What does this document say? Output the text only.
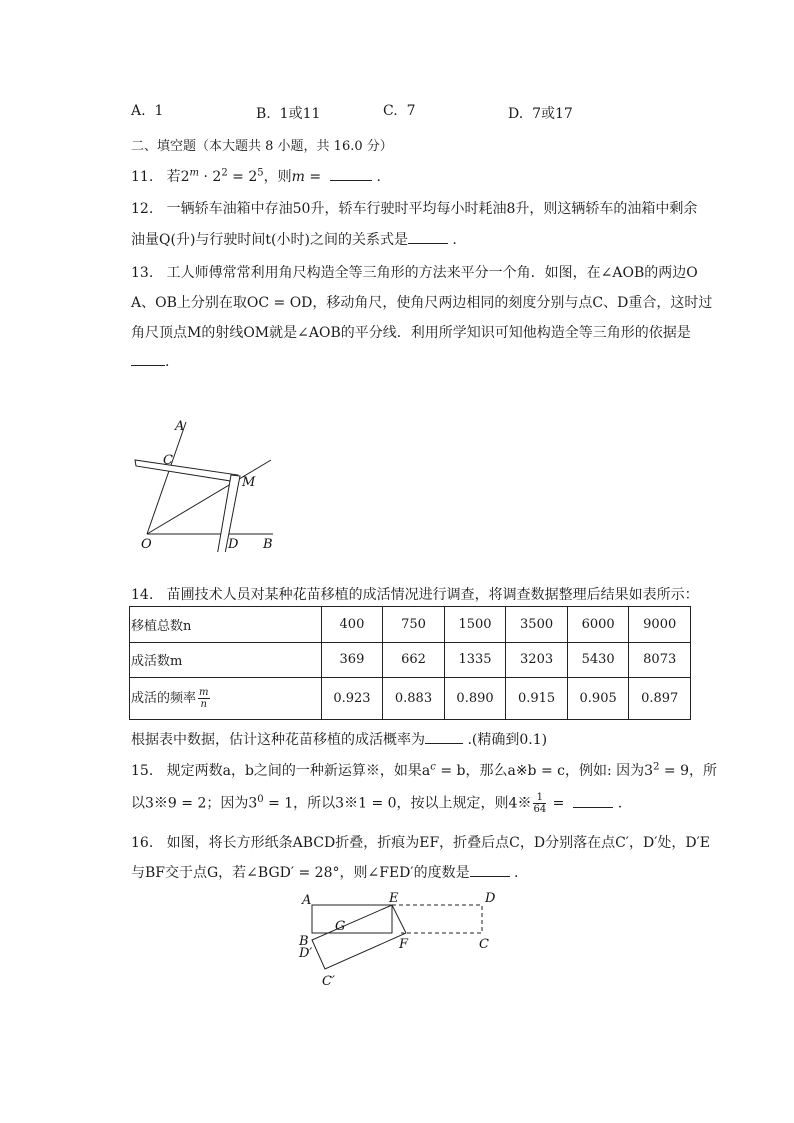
A. 1	B. 1或11	C. 7	D. 7或17
二、填空题（本大题共 8 小题，共 16.0 分）
11. 若$2^m \cdot 2^2 = 2^5$，则m =	.
12. 一辆轿车油箱中存油50升，轿车行驶时平均每小时耗油8升，则这辆轿车的油箱中剩余
油量Q(升)与行驶时间t(小时)之间的关系式是	.
13. 工人师傅常常利用角尺构造全等三角形的方法来平分一个角．如图，在∠AOB的两边O
A、OB上分别在取OC = OD，移动角尺，使角尺两边相同的刻度分别与点C、D重合，这时过
角尺顶点M的射线OM就是∠AOB的平分线．利用所学知识可知他构造全等三角形的依据是
.
A
C
M
O	D B
14. 苗圃技术人员对某种花苗移植的成活情况进行调查，将调查数据整理后结果如表所示：
移植总数n	400	750	1500	3500	6000	9000
成活数m	369	662	1335	3203	5430	8073
成活的频率 $\frac{m}{n}$	0.923	0.883	0.890	0.915	0.905	0.897
根据表中数据，估计这种花苗移植的成活概率为	.(精确到0.1)
15. 规定两数a，b之间的一种新运算※，如果$a^c = b$，那么a※b = c，例如: 因为$3^2 = 9$，所
以3※9 = 2；因为$3^0 = 1$，所以3※1 = 0，按以上规定，则4※ $\frac{1}{64}$ =	.
16. 如图，将长方形纸条ABCD折叠，折痕为EF，折叠后点C，D分别落在点C′，D′处，D′E
与BF交于点G，若∠BGD′ = 28°，则∠FED′的度数是	.
A	E	D
G
B
D′
F	C
C′
